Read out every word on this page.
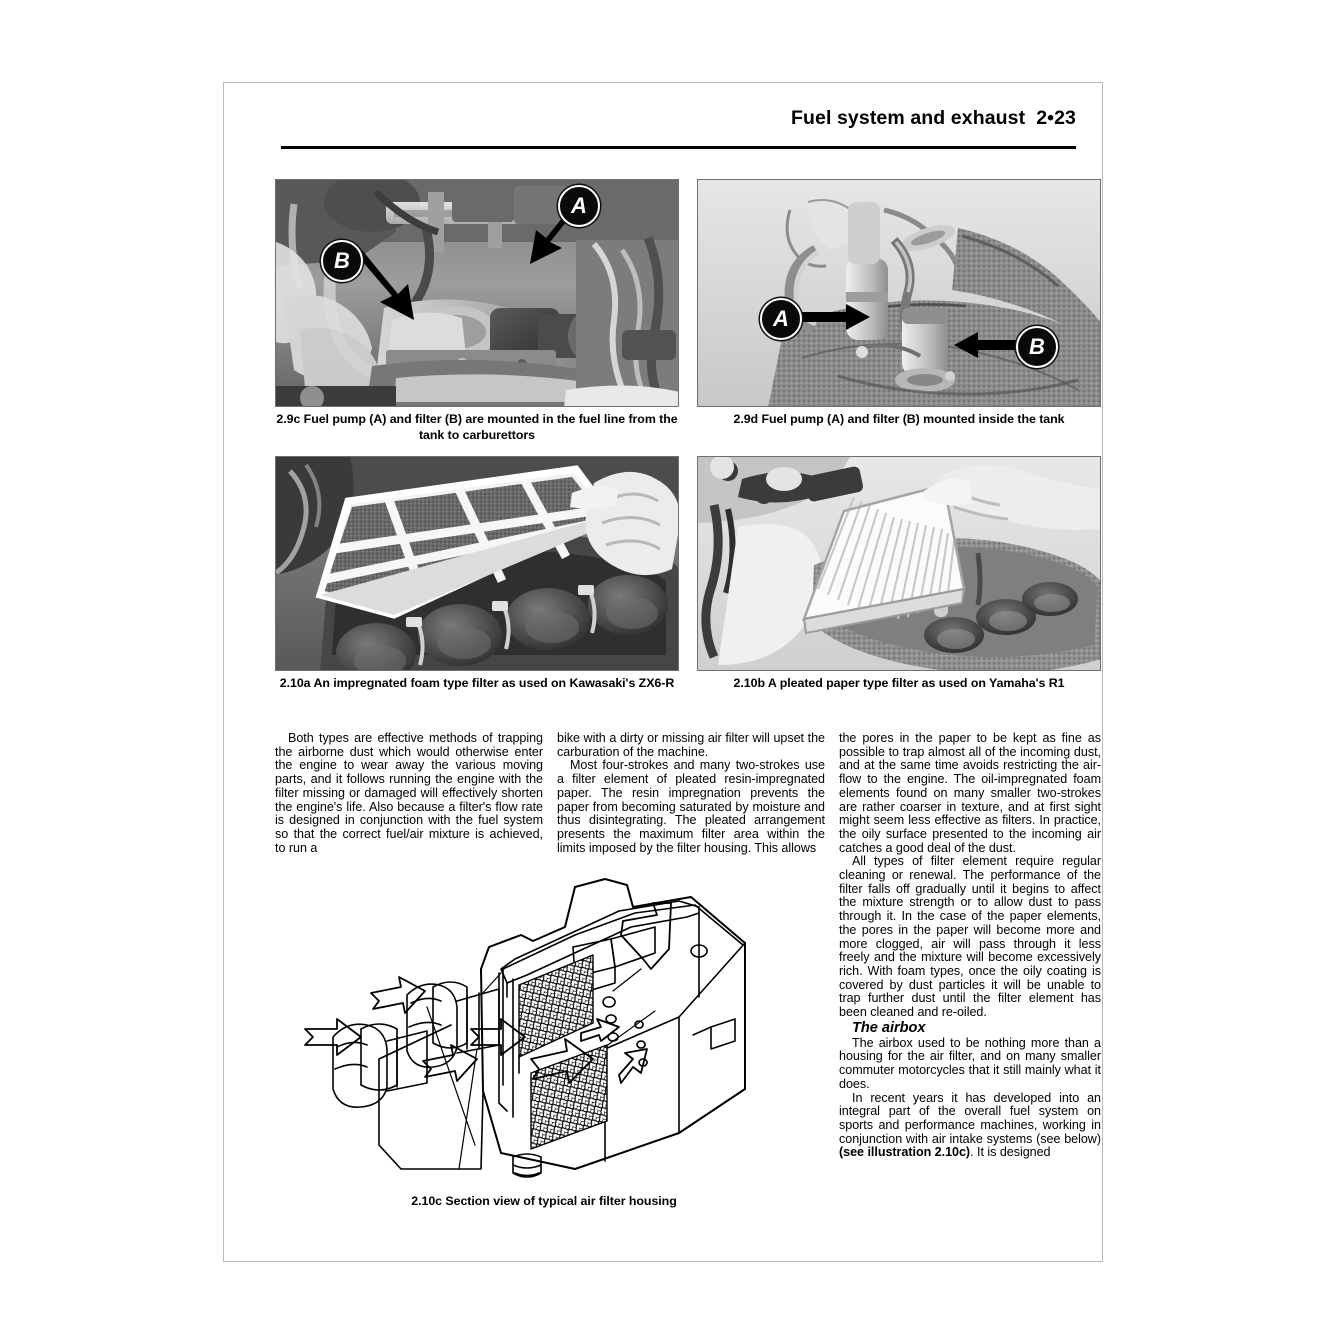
Fuel system and exhaust  2•23
A
B
2.9c Fuel pump (A) and filter (B) are mounted in the fuel line from the tank to carburettors
A
B
2.9d Fuel pump (A) and filter (B) mounted inside the tank
2.10a An impregnated foam type filter as used on Kawasaki's ZX6-R	2.10b A pleated paper type filter as used on Yamaha's R1

Both types are effective methods of trapping the airborne dust which would otherwise enter the engine to wear away the various moving parts, and it follows running the engine with the filter missing or damaged will effectively shorten the engine's life. Also because a filter's flow rate is designed in conjunction with the fuel system so that the correct fuel/air mixture is achieved, to run a

bike with a dirty or missing air filter will upset the carburation of the machine.

Most four-strokes and many two-strokes use a filter element of pleated resin-impregnated paper. The resin impregnation prevents the paper from becoming saturated by moisture and thus disintegrating. The pleated arrangement presents the maximum filter area within the limits imposed by the filter housing. This allows

the pores in the paper to be kept as fine as possible to trap almost all of the incoming dust, and at the same time avoids restricting the air-flow to the engine. The oil-impregnated foam elements found on many smaller two-strokes are rather coarser in texture, and at first sight might seem less effective as filters. In practice, the oily surface presented to the incoming air catches a good deal of the dust.

All types of filter element require regular cleaning or renewal. The performance of the filter falls off gradually until it begins to affect the mixture strength or to allow dust to pass through it. In the case of the paper elements, the pores in the paper will become more and more clogged, air will pass through it less freely and the mixture will become excessively rich. With foam types, once the oily coating is covered by dust particles it will be unable to trap further dust until the filter element has been cleaned and re-oiled.

The airbox

The airbox used to be nothing more than a housing for the air filter, and on many smaller commuter motorcycles that it still mainly what it does.

In recent years it has developed into an integral part of the overall fuel system on sports and performance machines, working in conjunction with air intake systems (see below) (see illustration 2.10c). It is designed

2.10c Section view of typical air filter housing
